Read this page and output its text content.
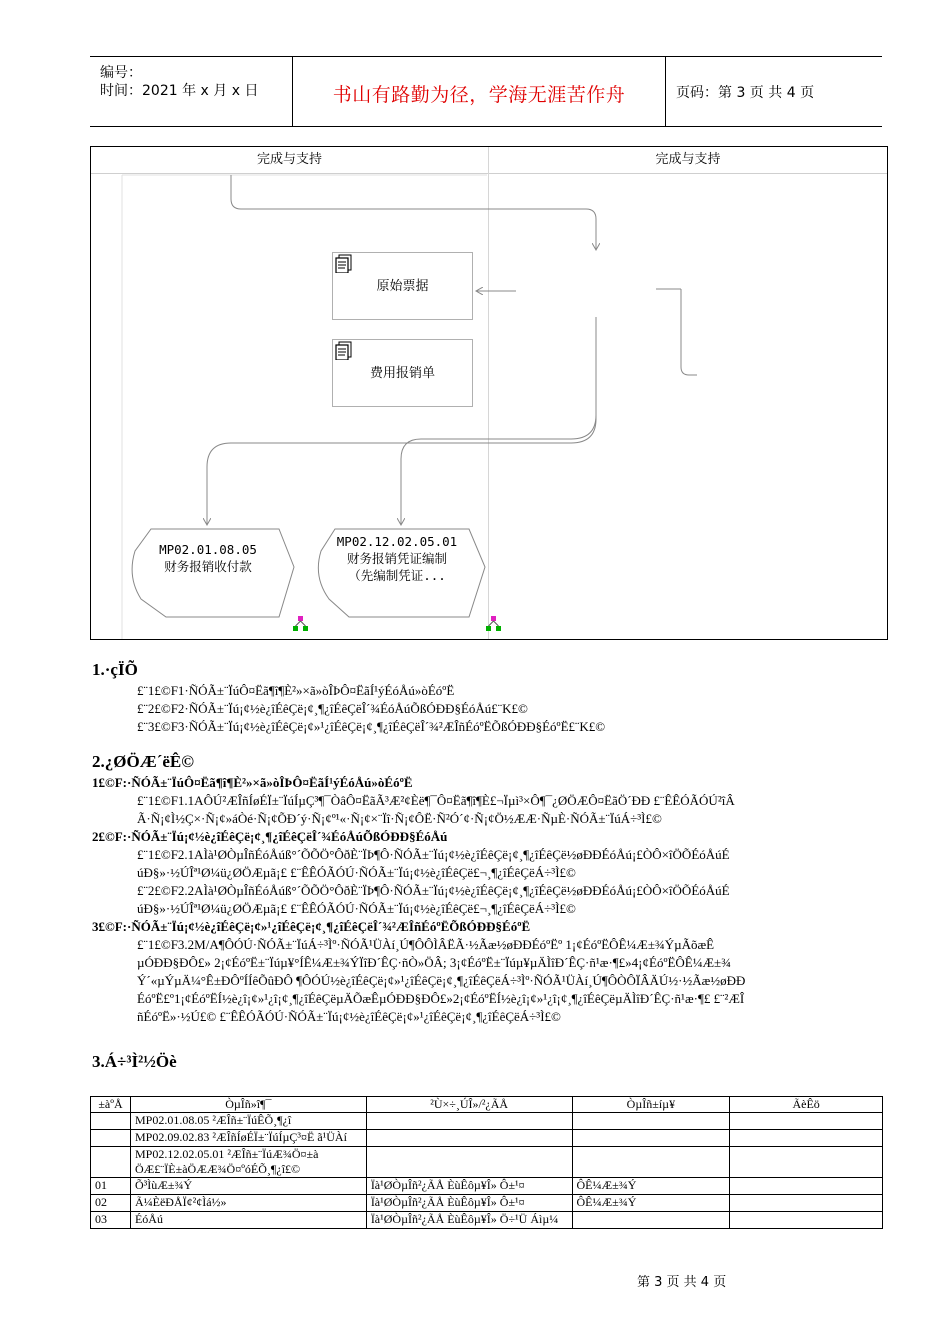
编号：
时间：2021 年 x 月 x 日	书山有路勤为径，学海无涯苦作舟	页码：第 3 页 共 4 页
完成与支持	完成与支持
原始票据
费用报销单
MP02.01.08.05
财务报销收付款
MP02.12.02.05.01
财务报销凭证编制
（先编制凭证...
1.·çÏÕ
£¨1£©F1·ÑÓÃ±¨ÏúÔ¤Ëã¶î¶È²»×ã»òÎÞÔ¤ËãÍ¹ýÉóÅú»òÉóºË
£¨2£©F2·ÑÓÃ±¨Ïú¡¢½è¿îÉêÇë¡¢¸¶¿îÉêÇëÎ´¾ÉóÅúÕßÓÐÐ§ÉóÅú£¨K£©
£¨3£©F3·ÑÓÃ±¨Ïú¡¢½è¿îÉêÇë¡¢»¹¿îÉêÇë¡¢¸¶¿îÉêÇëÎ´¾²ÆÎñÉóºËÕßÓÐÐ§ÉóºË£¨K£©
2.¿ØÖÆ´ëÊ©
1£©F:·ÑÓÃ±¨ÏúÔ¤Ëã¶î¶È²»×ã»òÎÞÔ¤ËãÍ¹ýÉóÅú»òÉóºË
£¨1£©F1.1AÔÚ²ÆÎñÍøÉÏ±¨ÏúÍµÇ³¶¯ÒâÔ¤ËãÃ³Æ²¢Èë¶¯Ô¤Ëã¶î¶È£¬Ïµì³×Ô¶¯¿ØÖÆÔ¤ËãÖ´ÐÐ £¨ÊÊÓÃÓÚ²îÂ
Ã·Ñ¡¢Ì½Ç×·Ñ¡¢»áÒé·Ñ¡¢ÕÐ´ý·Ñ¡¢º¹«·Ñ¡¢×¨Ïî·Ñ¡¢ÔË·Ñ²Ó´¢·Ñ¡¢Ö½ÆÆ·ÑµÈ·ÑÓÃ±¨ÏúÁ÷³Ì£©
2£©F:·ÑÓÃ±¨Ïú¡¢½è¿îÉêÇë¡¢¸¶¿îÉêÇëÎ´¾ÉóÅúÕßÓÐÐ§ÉóÅú
£¨1£©F2.1AÌà¹ØÒµÎñÉóÅúß°´ÕÕÖ°ÔðÈ¨ÏÞ¶Ô·ÑÓÃ±¨Ïú¡¢½è¿îÉêÇë¡¢¸¶¿îÉêÇë½øÐÐÉóÅú¡£ÒÔ×îÖÕÉóÅúÉ
úÐ§»·½ÚÎª¹Ø¼ü¿ØÖÆµã¡£ £¨ÊÊÓÃÓÚ·ÑÓÃ±¨Ïú¡¢½è¿îÉêÇë£¬¸¶¿îÉêÇëÁ÷³Ì£©
£¨2£©F2.2AÌà¹ØÒµÎñÉóÅúß°´ÕÕÖ°ÔðÈ¨ÏÞ¶Ô·ÑÓÃ±¨Ïú¡¢½è¿îÉêÇë¡¢¸¶¿îÉêÇë½øÐÐÉóÅú¡£ÒÔ×îÖÕÉóÅúÉ
úÐ§»·½ÚÎª¹Ø¼ü¿ØÖÆµã¡£ £¨ÊÊÓÃÓÚ·ÑÓÃ±¨Ïú¡¢½è¿îÉêÇë£¬¸¶¿îÉêÇëÁ÷³Ì£©
3£©F:·ÑÓÃ±¨Ïú¡¢½è¿îÉêÇë¡¢»¹¿îÉêÇë¡¢¸¶¿îÉêÇëÎ´¾²ÆÎñÉóºËÕßÓÐÐ§ÉóºË
£¨1£©F3.2M/A¶ÔÓÚ·ÑÓÃ±¨ÏúÁ÷³Ìº·ÑÓÃ¹ÜÀí¸Ú¶ÔÔÌÂËÃ·½Ãæ½øÐÐÉóºËº 1¡¢ÉóºËÔÊ¼Æ±¾ÝµÃõæÊ
µÓÐÐ§ÐÔ£» 2¡¢ÉóºË±¨Ïúµ¥°ÍÊ¼Æ±¾ÝÏîÐ´ÊÇ·ñÒ»ÖÂ; 3¡¢ÉóºË±¨Ïúµ¥µÄÌîÐ´ÊÇ·ñ¹æ·¶£»4¡¢ÉóºËÔÊ¼Æ±¾
Ý´«µÝµÄ¼°Ê±ÐÔºÍÍêÕûÐÔ ¶ÔÓÚ½è¿îÉêÇë¡¢»¹¿îÉêÇë¡¢¸¶¿îÉêÇëÁ÷³Ìº·ÑÓÃ¹ÜÀí¸Ú¶ÔÒÔÏÂÄÚ½·½Ãæ½øÐÐ
ÉóºË£º1¡¢ÉóºËÍ½è¿î¡¢»¹¿î¡¢¸¶¿îÉêÇëµÄÕæÊµÓÐÐ§ÐÔ£»2¡¢ÉóºËÍ½è¿î¡¢»¹¿î¡¢¸¶¿îÉêÇëµÄÌîÐ´ÊÇ·ñ¹æ·¶£ £¨²ÆÎ
ñÉóºË»·½Ú£© £¨ÊÊÓÃÓÚ·ÑÓÃ±¨Ïú¡¢½è¿îÉêÇë¡¢»¹¿îÉêÇë¡¢¸¶¿îÉêÇëÁ÷³Ì£©
3.Á÷³Ì²½Öè
±àºÅ	ÒµÎñ»î¶¯	²Ù×÷¸ÚÎ»/²¿ÃÅ	ÒµÎñ±íµ¥	ÃèÊö
	MP02.01.08.05 ²ÆÎñ±¨ÏúÊÕ¸¶¿î			
	MP02.09.02.83 ²ÆÎñÍøÉÏ±¨ÏúÍµÇ³¤Ë ã¹ÜÀí			
	MP02.12.02.05.01 ²ÆÎñ±¨ÏúÆ¾Ö¤±à ÖÆ£¨ÏÈ±àÖÆÆ¾Ö¤ºóÉÕ¸¶¿î£©			
01	Õ³ÌùÆ±¾Ý	Ïà¹ØÒµÎñ²¿ÃÅ ÈùÊôµ¥Î» Ô±¹¤	ÔÊ¼Æ±¾Ý	
02	Ã¼ÈëÐÅÏ¢²¢Ìá½»	Ïà¹ØÒµÎñ²¿ÃÅ ÈùÊôµ¥Î» Ô±¹¤	ÔÊ¼Æ±¾Ý	
03	ÉóÅú	Ïà¹ØÒµÎñ²¿ÃÅ ÈùÊôµ¥Î» Ö÷¹Ü Áìµ¼		
第 3 页 共 4 页
